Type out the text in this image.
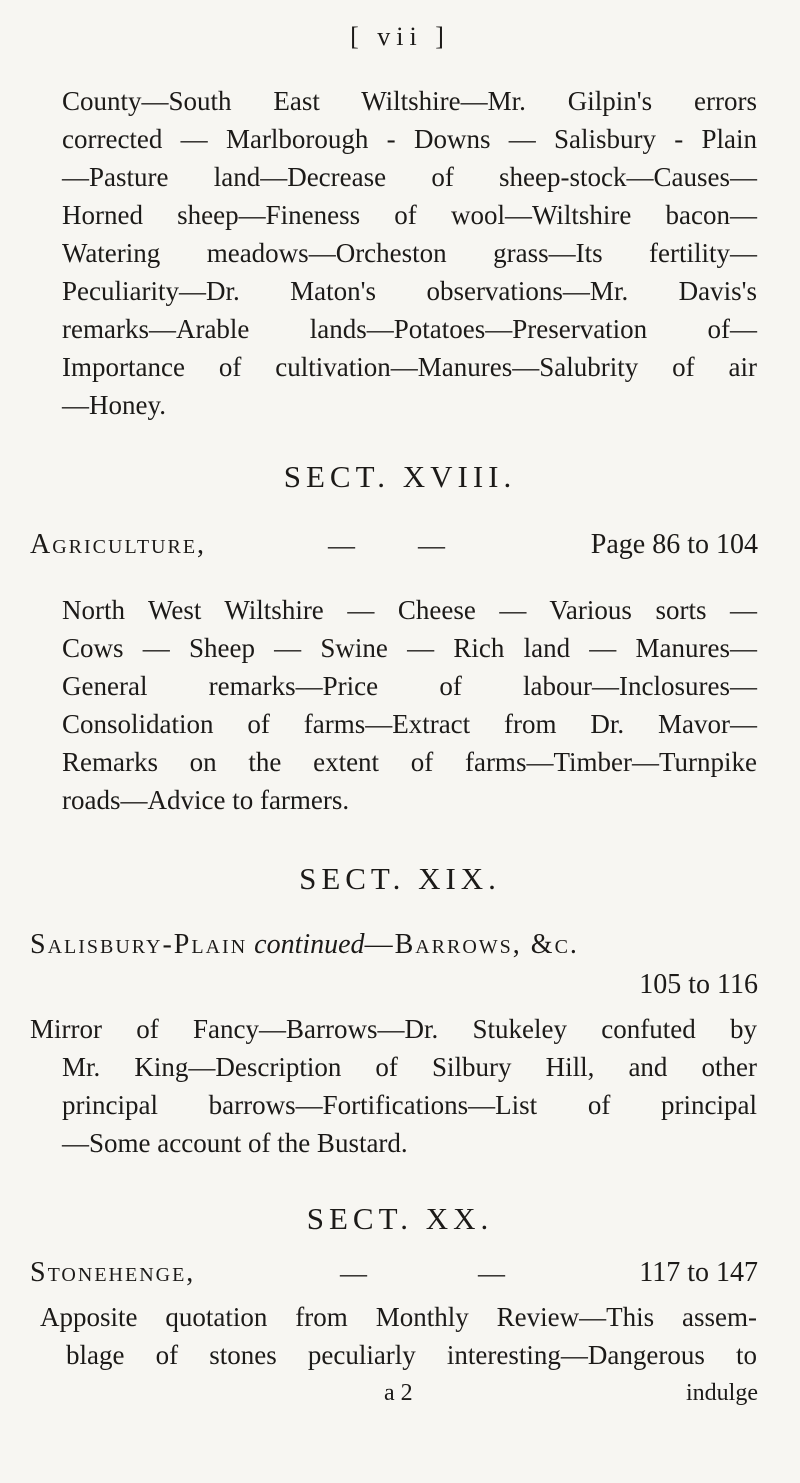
[ vii ]
County—South East Wiltshire—Mr. Gilpin's errors
corrected — Marlborough - Downs — Salisbury - Plain
—Pasture land—Decrease of sheep-stock—Causes—
Horned sheep—Fineness of wool—Wiltshire bacon—
Watering meadows—Orcheston grass—Its fertility—
Peculiarity—Dr. Maton's observations—Mr. Davis's
remarks—Arable lands—Potatoes—Preservation of—
Importance of cultivation—Manures—Salubrity of air
—Honey.
SECT. XVIII.
Agriculture,	— —	Page 86 to 104
North West Wiltshire — Cheese — Various sorts —
Cows — Sheep — Swine — Rich land — Manures—
General remarks—Price of labour—Inclosures—
Consolidation of farms—Extract from Dr. Mavor—
Remarks on the extent of farms—Timber—Turnpike
roads—Advice to farmers.
SECT. XIX.
Salisbury-Plain continued—Barrows, &c.
105 to 116
Mirror of Fancy—Barrows—Dr. Stukeley confuted by
Mr. King—Description of Silbury Hill, and other
principal barrows—Fortifications—List of principal
—Some account of the Bustard.
SECT. XX.
Stonehenge,	—	—	117 to 147
Apposite quotation from Monthly Review—This assem-
blage of stones peculiarly interesting—Dangerous to
a 2	indulge
